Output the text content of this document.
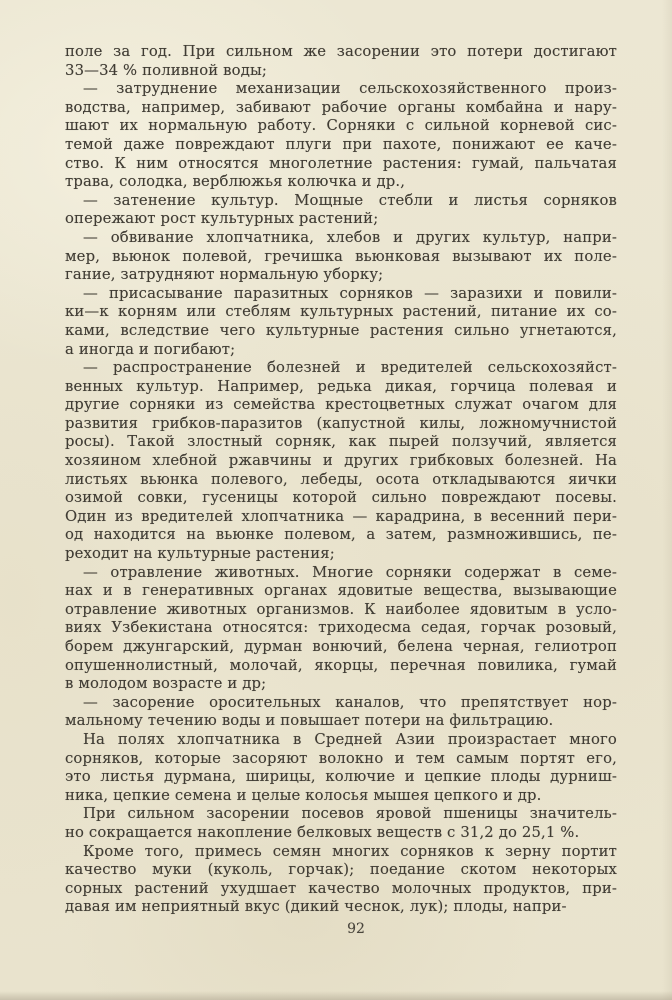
поле за год. При сильном же засорении это потери достигают
33—34 % поливной воды;
— затруднение механизации сельскохозяйственного произ-
водства, например, забивают рабочие органы комбайна и нару-
шают их нормальную работу. Сорняки с сильной корневой сис-
темой даже повреждают плуги при пахоте, понижают ее каче-
ство. К ним относятся многолетние растения: гумай, пальчатая
трава, солодка, верблюжья колючка и др.,
— затенение культур. Мощные стебли и листья сорняков
опережают рост культурных растений;
— обвивание хлопчатника, хлебов и других культур, напри-
мер, вьюнок полевой, гречишка вьюнковая вызывают их поле-
гание, затрудняют нормальную уборку;
— присасывание паразитных сорняков — заразихи и повили-
ки—к корням или стеблям культурных растений, питание их со-
ками, вследствие чего культурные растения сильно угнетаются,
а иногда и погибают;
— распространение болезней и вредителей сельскохозяйст-
венных культур. Например, редька дикая, горчица полевая и
другие сорняки из семейства крестоцветных служат очагом для
развития грибков-паразитов (капустной килы, ложномучнистой
росы). Такой злостный сорняк, как пырей ползучий, является
хозяином хлебной ржавчины и других грибковых болезней. На
листьях вьюнка полевого, лебеды, осота откладываются яички
озимой совки, гусеницы которой сильно повреждают посевы.
Один из вредителей хлопчатника — карадрина, в весенний пери-
од находится на вьюнке полевом, а затем, размножившись, пе-
реходит на культурные растения;
— отравление животных. Многие сорняки содержат в семе-
нах и в генеративных органах ядовитые вещества, вызывающие
отравление животных организмов. К наиболее ядовитым в усло-
виях Узбекистана относятся: триходесма седая, горчак розовый,
борем джунгарский, дурман вонючий, белена черная, гелиотроп
опушеннолистный, молочай, якорцы, перечная повилика, гумай
в молодом возрасте и др;
— засорение оросительных каналов, что препятствует нор-
мальному течению воды и повышает потери на фильтрацию.
На полях хлопчатника в Средней Азии произрастает много
сорняков, которые засоряют волокно и тем самым портят его,
это листья дурмана, ширицы, колючие и цепкие плоды дурниш-
ника, цепкие семена и целые колосья мышея цепкого и др.
При сильном засорении посевов яровой пшеницы значитель-
но сокращается накопление белковых веществ с 31,2 до 25,1 %.
Кроме того, примесь семян многих сорняков к зерну портит
качество муки (куколь, горчак); поедание скотом некоторых
сорных растений ухудшает качество молочных продуктов, при-
давая им неприятный вкус (дикий чеснок, лук); плоды, напри-
92
